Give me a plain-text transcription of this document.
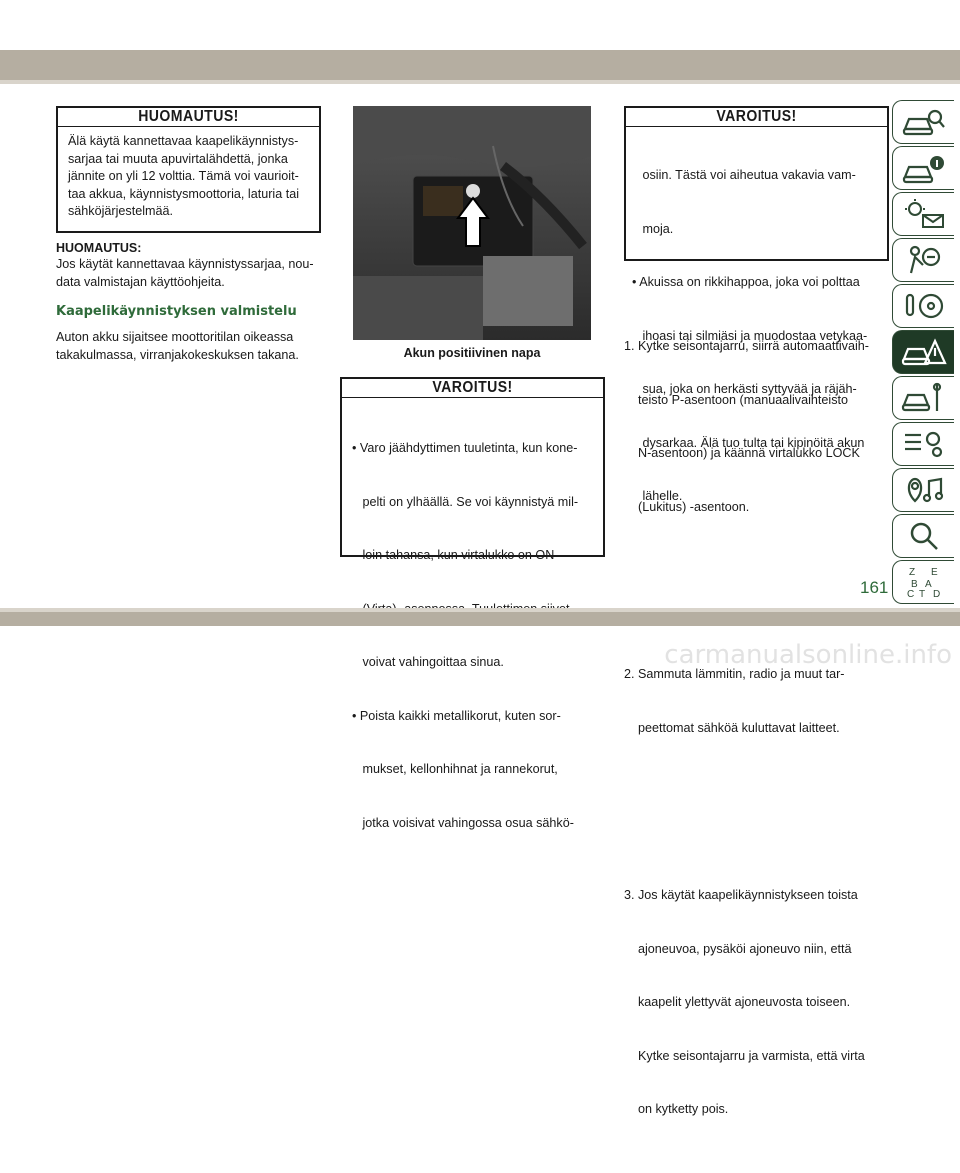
HUOMAUTUS!
Älä käytä kannettavaa kaapelikäynnistys-
sarjaa tai muuta apuvirtalähdettä, jonka
jännite on yli 12 volttia. Tämä voi vaurioit-
taa akkua, käynnistysmoottoria, laturia tai
sähköjärjestelmää.
HUOMAUTUS:
Jos käytät kannettavaa käynnistyssarjaa, nou-
data valmistajan käyttöohjeita.
Kaapelikäynnistyksen valmistelu
Auton akku sijaitsee moottoritilan oikeassa
takakulmassa, virranjakokeskuksen takana.	Akun positiivinen napa
VAROITUS!

• Varo jäähdyttimen tuuletinta, kun kone-

pelti on ylhäällä. Se voi käynnistyä mil-

loin tahansa, kun virtalukko on ON

voivat vahingoittaa sinua.

• Poista kaikki metallikorut, kuten sor-

mukset, kellonhihnat ja rannekorut,

jotka voisivat vahingossa osua sähkö-

VAROITUS!

osiin. Tästä voi aiheutua vakavia vam-

moja.

• Akuissa on rikkihappoa, joka voi polttaa

ihoasi tai silmiäsi ja muodostaa vetykaa-

sua, joka on herkästi syttyvää ja räjäh-

dysarkaa. Älä tuo tulta tai kipinöitä akun

lähelle.

1. Kytke seisontajarru, siirrä automaattivaih-

teisto P-asentoon (manuaalivaihteisto

N-asentoon) ja käännä virtalukko LOCK

(Lukitus) -asentoon.

2. Sammuta lämmitin, radio ja muut tar-

peettomat sähköä kuluttavat laitteet.

3. Jos käytät kaapelikäynnistykseen toista

ajoneuvoa, pysäköi ajoneuvo niin, että

kaapelit ylettyvät ajoneuvosta toiseen.

Kytke seisontajarru ja varmista, että virta

on kytketty pois.

Z E
B A
C T D
161
carmanualsonline.info
